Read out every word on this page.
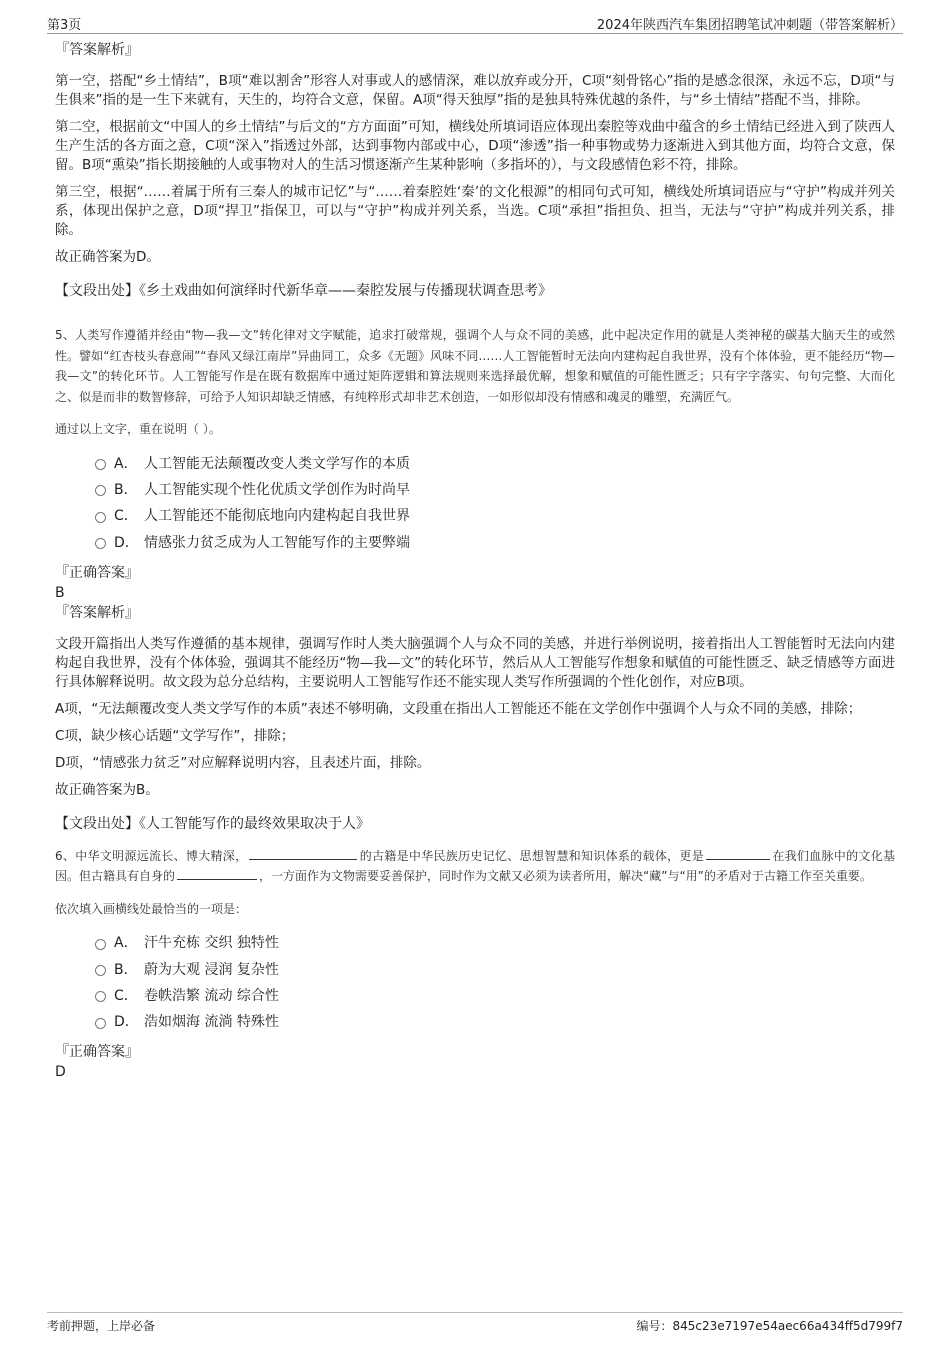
第3页	2024年陕西汽车集团招聘笔试冲刺题（带答案解析）

『答案解析』

第一空，搭配“乡土情结”，B项“难以割舍”形容人对事或人的感情深，难以放弃或分开，C项“刻骨铭心”指的是感念很深，永远不忘，D项“与生俱来”指的是一生下来就有，天生的，均符合文意，保留。A项“得天独厚”指的是独具特殊优越的条件，与“乡土情结”搭配不当，排除。

第二空，根据前文“中国人的乡土情结”与后文的“方方面面”可知，横线处所填词语应体现出秦腔等戏曲中蕴含的乡土情结已经进入到了陕西人生产生活的各方面之意，C项“深入”指透过外部，达到事物内部或中心，D项“渗透”指一种事物或势力逐渐进入到其他方面，均符合文意，保留。B项“熏染”指长期接触的人或事物对人的生活习惯逐渐产生某种影响（多指坏的），与文段感情色彩不符，排除。

第三空，根据“……着属于所有三秦人的城市记忆”与“……着秦腔姓‘秦’的文化根源”的相同句式可知，横线处所填词语应与“守护”构成并列关系，体现出保护之意，D项“捍卫”指保卫，可以与“守护”构成并列关系，当选。C项“承担”指担负、担当，无法与“守护”构成并列关系，排除。

故正确答案为D。

【文段出处】《乡土戏曲如何演绎时代新华章——秦腔发展与传播现状调查思考》

5、人类写作遵循并经由“物—我—文”转化律对文字赋能，追求打破常规，强调个人与众不同的美感，此中起决定作用的就是人类神秘的碳基大脑天生的或然性。譬如“红杏枝头春意闹”“春风又绿江南岸”异曲同工，众多《无题》风味不同……人工智能暂时无法向内建构起自我世界，没有个体体验，更不能经历“物—我—文”的转化环节。人工智能写作是在既有数据库中通过矩阵逻辑和算法规则来选择最优解，想象和赋值的可能性匮乏；只有字字落实、句句完整、大而化之、似是而非的数智修辞，可给予人知识却缺乏情感，有纯粹形式却非艺术创造，一如形似却没有情感和魂灵的雕塑，充满匠气。

通过以上文字，重在说明（ ）。

A． 人工智能无法颠覆改变人类文学写作的本质
B． 人工智能实现个性化优质文学创作为时尚早
C． 人工智能还不能彻底地向内建构起自我世界
D． 情感张力贫乏成为人工智能写作的主要弊端

『正确答案』

B

『答案解析』

文段开篇指出人类写作遵循的基本规律，强调写作时人类大脑强调个人与众不同的美感，并进行举例说明，接着指出人工智能暂时无法向内建构起自我世界，没有个体体验，强调其不能经历“物—我—文”的转化环节，然后从人工智能写作想象和赋值的可能性匮乏、缺乏情感等方面进行具体解释说明。故文段为总分总结构，主要说明人工智能写作还不能实现人类写作所强调的个性化创作，对应B项。

A项，“无法颠覆改变人类文学写作的本质”表述不够明确，文段重在指出人工智能还不能在文学创作中强调个人与众不同的美感，排除；

C项，缺少核心话题“文学写作”，排除；

D项，“情感张力贫乏”对应解释说明内容，且表述片面，排除。

故正确答案为B。

【文段出处】《人工智能写作的最终效果取决于人》

6、中华文明源远流长、博大精深，	的古籍是中华民族历史记忆、思想智慧和知识体系的载体，更是	在我们血脉中的文化基因。但古籍具有自身的	，一方面作为文物需要妥善保护，同时作为文献又必须为读者所用，解决“藏”与“用”的矛盾对于古籍工作至关重要。

依次填入画横线处最恰当的一项是：

A． 汗牛充栋 交织 独特性
B． 蔚为大观 浸润 复杂性
C． 卷帙浩繁 流动 综合性
D． 浩如烟海 流淌 特殊性

『正确答案』

D

考前押题，上岸必备	编号：845c23e7197e54aec66a434ff5d799f7
